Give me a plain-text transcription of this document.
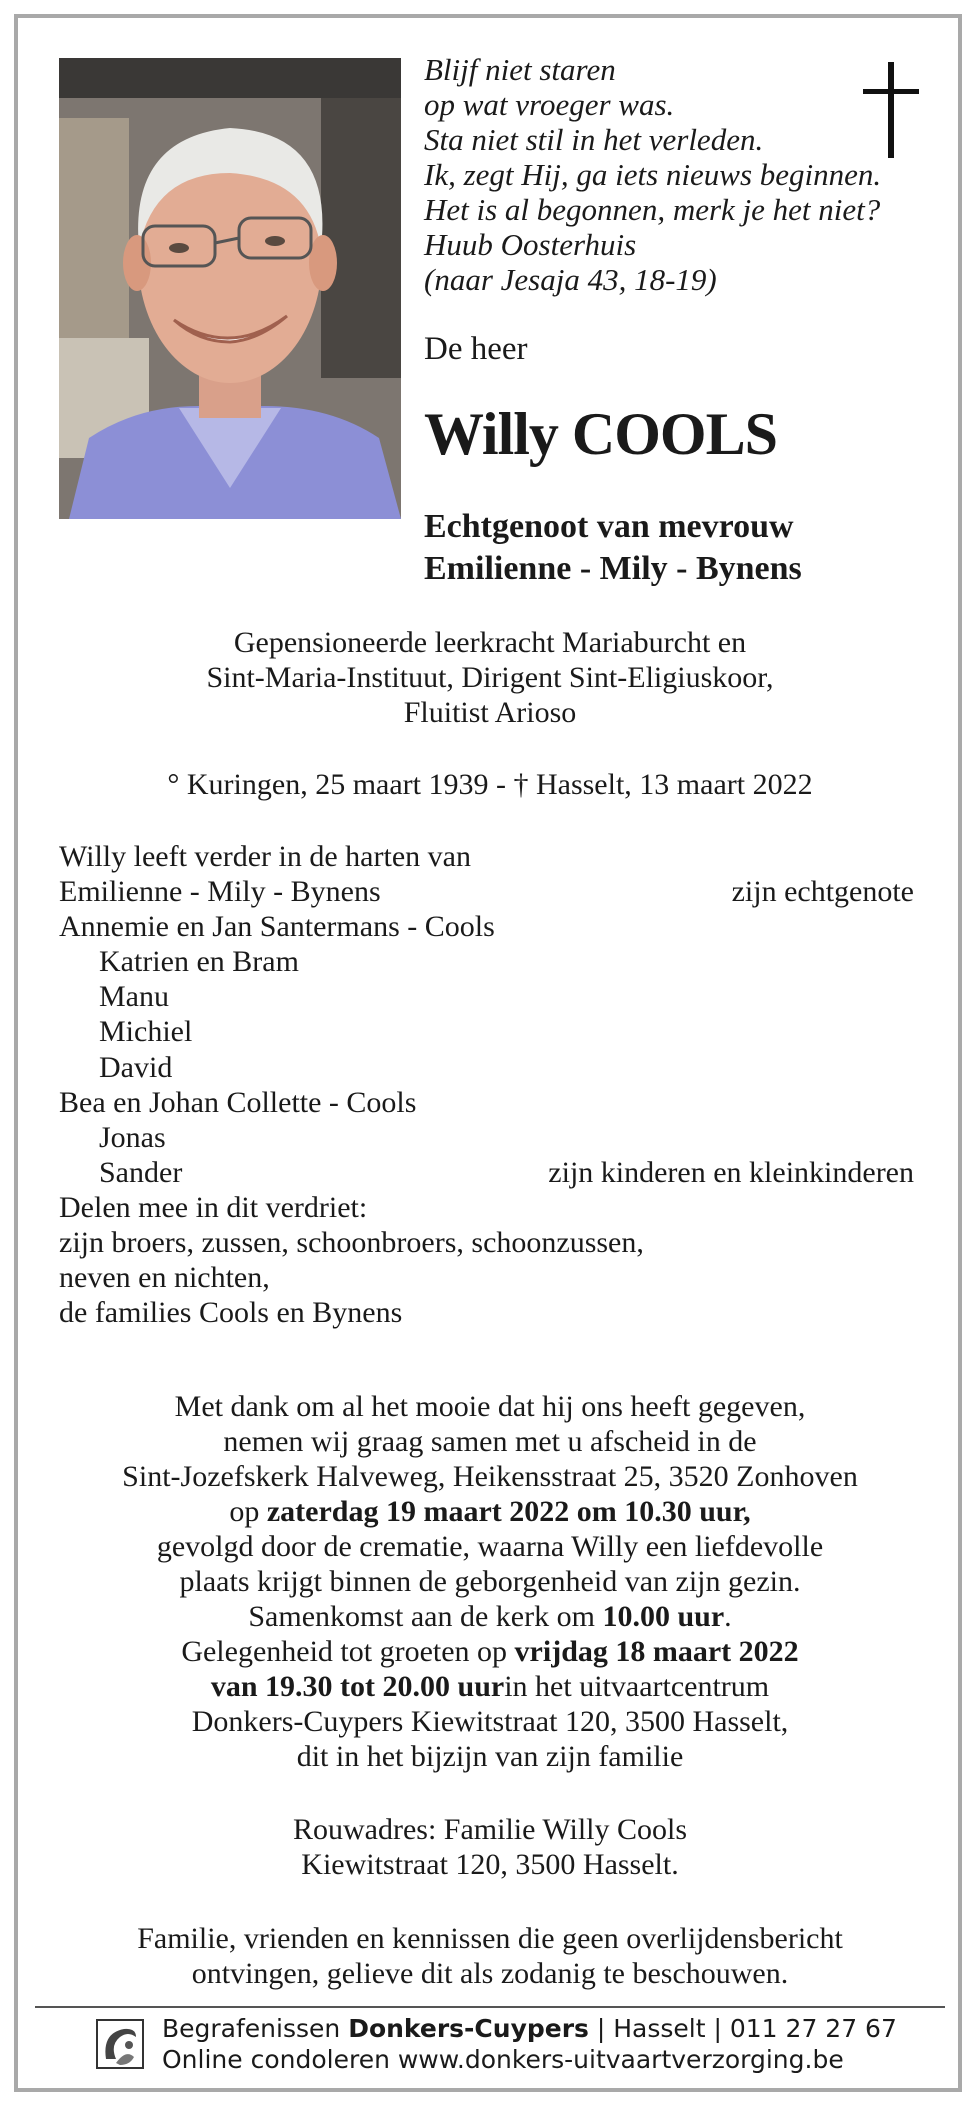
Blijf niet staren
op wat vroeger was.
Sta niet stil in het verleden.
Ik, zegt Hij, ga iets nieuws beginnen.
Het is al begonnen, merk je het niet?
Huub Oosterhuis
(naar Jesaja 43, 18-19)
De heer
Willy COOLS
Echtgenoot van mevrouw
Emilienne - Mily - Bynens
Gepensioneerde leerkracht Mariaburcht en
Sint-Maria-Instituut, Dirigent Sint-Eligiuskoor,
Fluitist Arioso
° Kuringen, 25 maart 1939 - † Hasselt, 13 maart 2022
Willy leeft verder in de harten van
Emilienne - Mily - Bynens	zijn echtgenote
Annemie en Jan Santermans - Cools
Katrien en Bram
Manu
Michiel
David
Bea en Johan Collette - Cools
Jonas
Sander	zijn kinderen en kleinkinderen
Delen mee in dit verdriet:
zijn broers, zussen, schoonbroers, schoonzussen,
neven en nichten,
de families Cools en Bynens
Met dank om al het mooie dat hij ons heeft gegeven,
nemen wij graag samen met u afscheid in de
Sint-Jozefskerk Halveweg, Heikensstraat 25, 3520 Zonhoven
op zaterdag 19 maart 2022 om 10.30 uur,
gevolgd door de crematie, waarna Willy een liefdevolle
plaats krijgt binnen de geborgenheid van zijn gezin.
Samenkomst aan de kerk om 10.00 uur.
Gelegenheid tot groeten op vrijdag 18 maart 2022
van 19.30 tot 20.00 uurin het uitvaartcentrum
Donkers-Cuypers Kiewitstraat 120, 3500 Hasselt,
dit in het bijzijn van zijn familie
Rouwadres: Familie Willy Cools
Kiewitstraat 120, 3500 Hasselt.
Familie, vrienden en kennissen die geen overlijdensbericht
ontvingen, gelieve dit als zodanig te beschouwen.
Begrafenissen Donkers-Cuypers | Hasselt | 011 27 27 67
Online condoleren www.donkers-uitvaartverzorging.be
